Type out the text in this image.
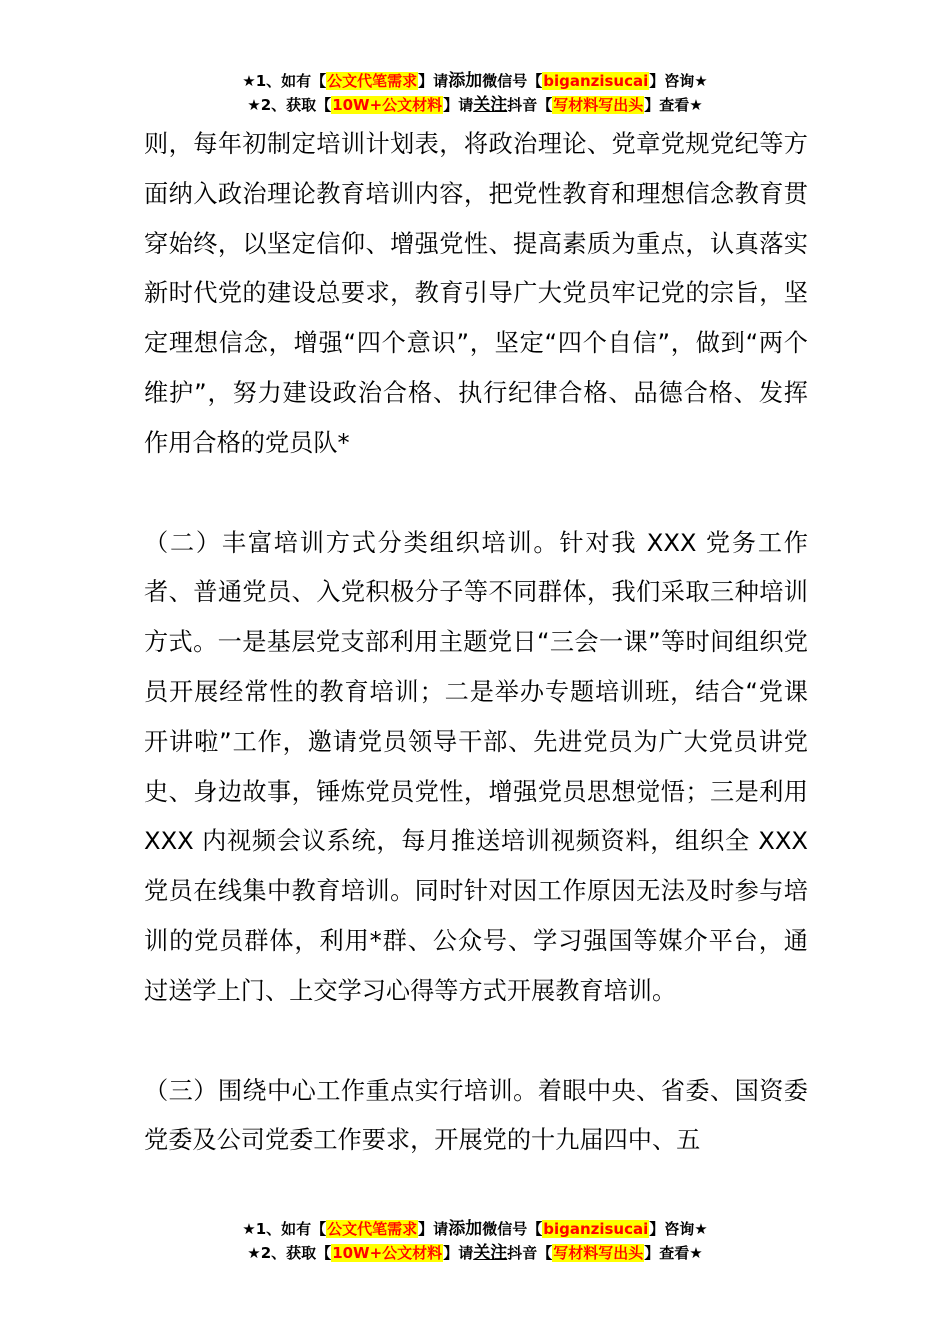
★1、如有【公文代笔需求】请添加微信号【biganzisucai】咨询★
★2、获取【10W+公文材料】请关注抖音【写材料写出头】查看★

则，每年初制定培训计划表，将政治理论、党章党规党纪等方面纳入政治理论教育培训内容，把党性教育和理想信念教育贯穿始终，以坚定信仰、增强党性、提高素质为重点，认真落实新时代党的建设总要求，教育引导广大党员牢记党的宗旨，坚定理想信念，增强“四个意识”，坚定“四个自信”，做到“两个维护”，努力建设政治合格、执行纪律合格、品德合格、发挥作用合格的党员队*

（二）丰富培训方式分类组织培训。针对我 XXX 党务工作者、普通党员、入党积极分子等不同群体，我们采取三种培训方式。一是基层党支部利用主题党日“三会一课”等时间组织党员开展经常性的教育培训；二是举办专题培训班，结合“党课开讲啦”工作，邀请党员领导干部、先进党员为广大党员讲党史、身边故事，锤炼党员党性，增强党员思想觉悟；三是利用 XXX 内视频会议系统，每月推送培训视频资料，组织全 XXX 党员在线集中教育培训。同时针对因工作原因无法及时参与培训的党员群体，利用*群、公众号、学习强国等媒介平台，通过送学上门、上交学习心得等方式开展教育培训。

（三）围绕中心工作重点实行培训。着眼中央、省委、国资委党委及公司党委工作要求，开展党的十九届四中、五

★1、如有【公文代笔需求】请添加微信号【biganzisucai】咨询★
★2、获取【10W+公文材料】请关注抖音【写材料写出头】查看★
